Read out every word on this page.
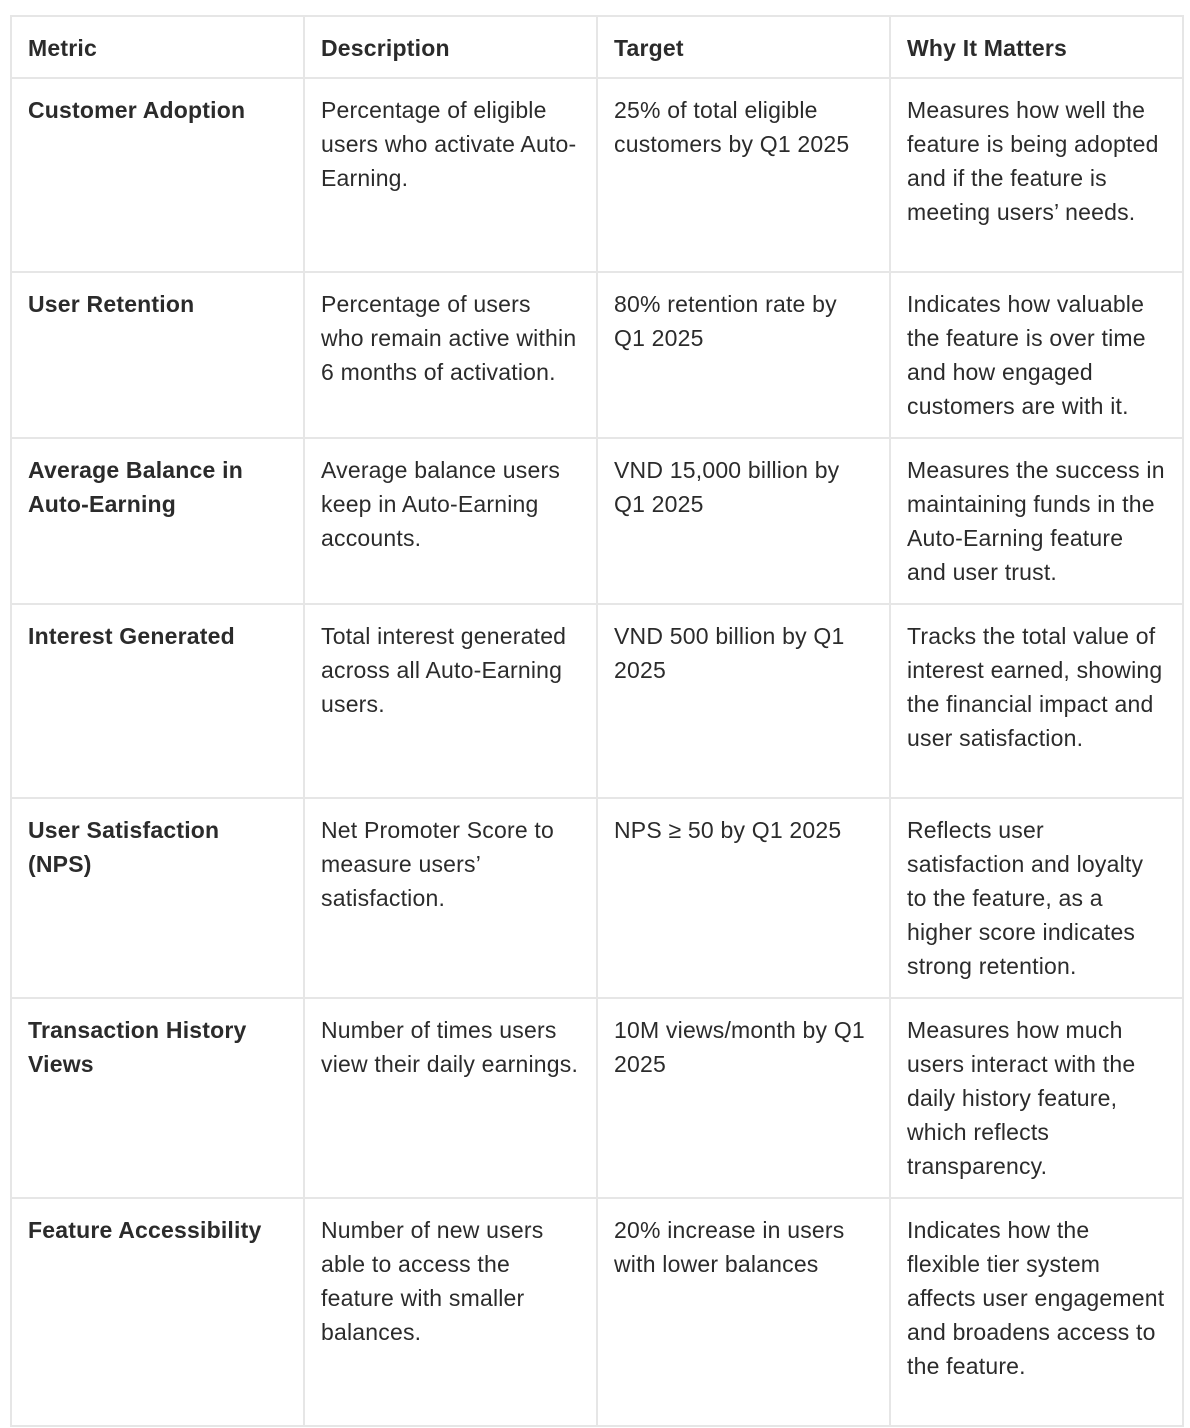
Metric	Description	Target	Why It Matters
Customer Adoption	Percentage of eligible users who activate Auto-Earning.	25% of total eligible customers by Q1 2025	Measures how well the feature is being adopted and if the feature is meeting users’ needs.
User Retention	Percentage of users who remain active within 6 months of activation.	80% retention rate by Q1 2025	Indicates how valuable the feature is over time and how engaged customers are with it.
Average Balance in Auto-Earning	Average balance users keep in Auto-Earning accounts.	VND 15,000 billion by Q1 2025	Measures the success in maintaining funds in the Auto-Earning feature and user trust.
Interest Generated	Total interest generated across all Auto-Earning users.	VND 500 billion by Q1 2025	Tracks the total value of interest earned, showing the financial impact and user satisfaction.
User Satisfaction (NPS)	Net Promoter Score to measure users’ satisfaction.	NPS ≥ 50 by Q1 2025	Reflects user satisfaction and loyalty to the feature, as a higher score indicates strong retention.
Transaction History Views	Number of times users view their daily earnings.	10M views/month by Q1 2025	Measures how much users interact with the daily history feature, which reflects transparency.
Feature Accessibility	Number of new users able to access the feature with smaller balances.	20% increase in users with lower balances	Indicates how the flexible tier system affects user engagement and broadens access to the feature.
